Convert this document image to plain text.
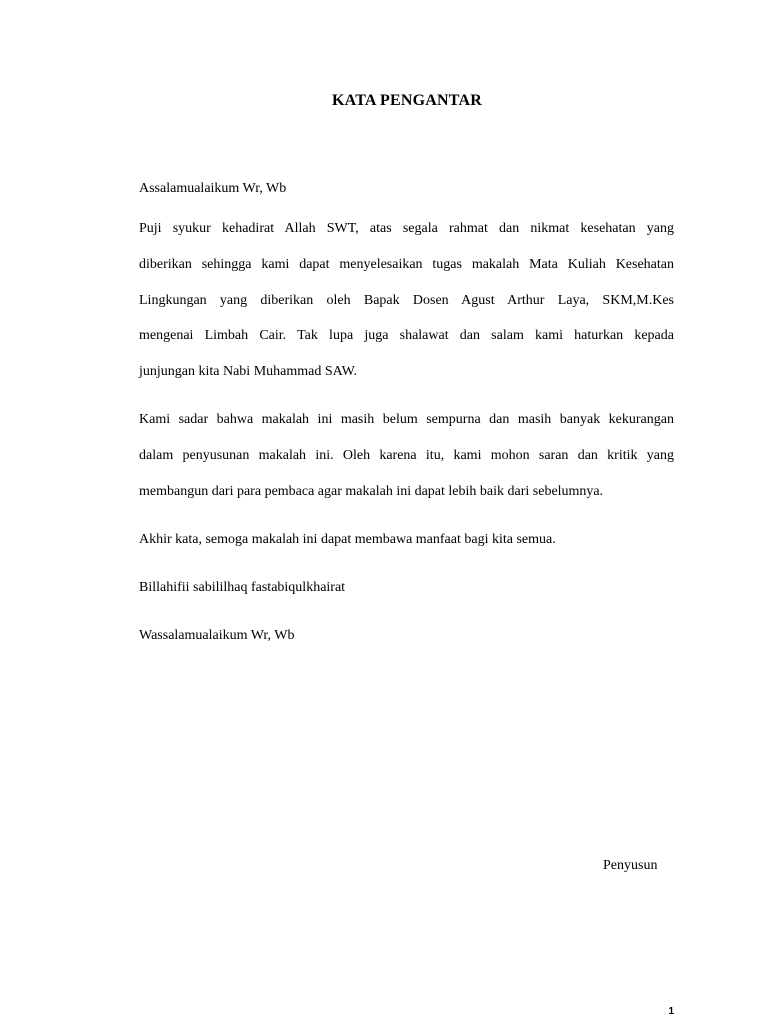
KATA PENGANTAR
Assalamualaikum Wr, Wb
Puji syukur kehadirat Allah SWT, atas segala rahmat dan nikmat kesehatan yang
diberikan sehingga kami dapat menyelesaikan tugas makalah Mata Kuliah Kesehatan
Lingkungan yang diberikan oleh Bapak Dosen Agust Arthur Laya, SKM,M.Kes
mengenai Limbah Cair. Tak lupa juga shalawat dan salam kami haturkan kepada
junjungan kita Nabi Muhammad SAW.
Kami sadar bahwa makalah ini masih belum sempurna dan masih banyak kekurangan
dalam penyusunan makalah ini. Oleh karena itu, kami mohon saran dan kritik yang
membangun dari para pembaca agar makalah ini dapat lebih baik dari sebelumnya.
Akhir kata, semoga makalah ini dapat membawa manfaat bagi kita semua.
Billahifii sabililhaq fastabiqulkhairat
Wassalamualaikum Wr, Wb
Penyusun
1
